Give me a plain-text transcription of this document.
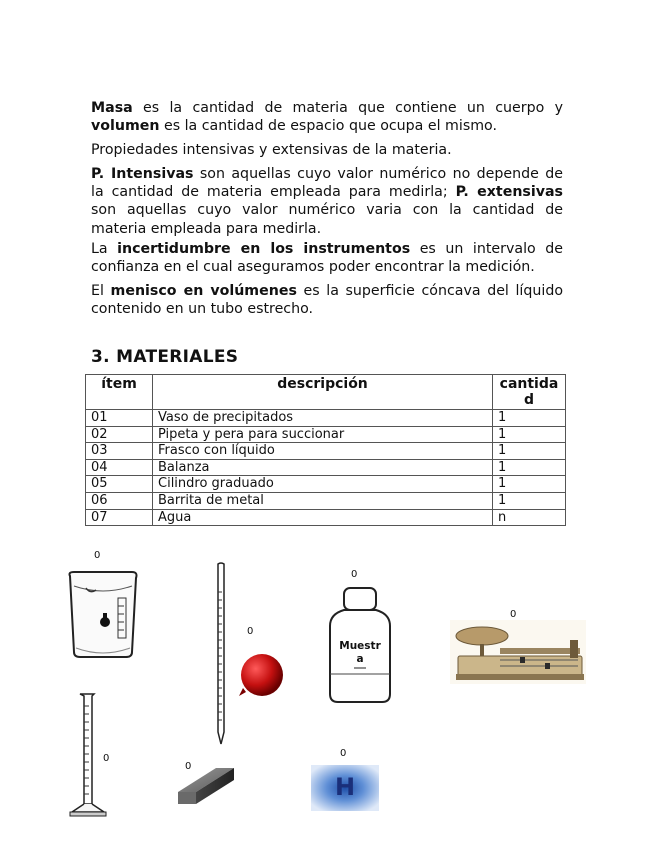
Masa es la cantidad de materia que contiene un cuerpo y volumen es la cantidad de espacio que ocupa el mismo.

Propiedades intensivas y extensivas de la materia.

P. Intensivas son aquellas cuyo valor numérico no depende de la cantidad de materia empleada para medirla; P. extensivas son aquellas cuyo valor numérico varia con la cantidad de materia empleada para medirla.

La incertidumbre en los instrumentos es un intervalo de confianza en el cual aseguramos poder encontrar la medición.

El menisco en volúmenes es la superficie cóncava del líquido contenido en un tubo estrecho.

3. MATERIALES
ítem	descripción	cantidad
01	Vaso de precipitados	1
02	Pipeta y pera para succionar	1
03	Frasco con líquido	1
04	Balanza	1
05	Cilindro graduado	1
06	Barrita de metal	1
07	Agua	n
0
0
0
0
0
0
0
Muestr
a
H
